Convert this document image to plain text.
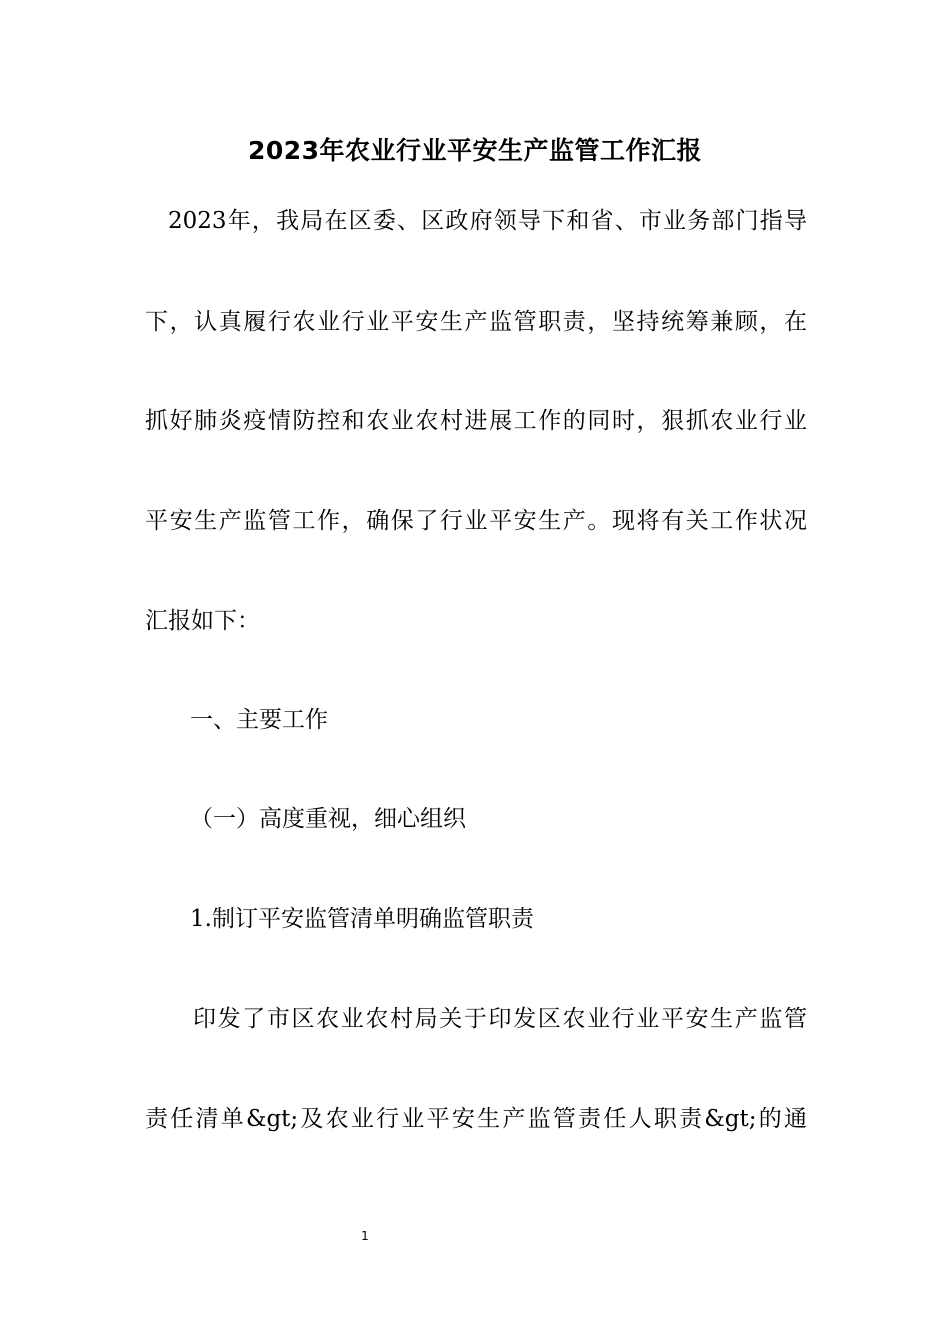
2023年农业行业平安生产监管工作汇报
2023年，我局在区委、区政府领导下和省、市业务部门指导
下，认真履行农业行业平安生产监管职责，坚持统筹兼顾，在
抓好肺炎疫情防控和农业农村进展工作的同时，狠抓农业行业
平安生产监管工作，确保了行业平安生产。现将有关工作状况
汇报如下：
一、主要工作
（一）高度重视，细心组织
1.制订平安监管清单明确监管职责
印发了市区农业农村局关于印发区农业行业平安生产监管
责任清单&gt;及农业行业平安生产监管责任人职责&gt;的通
1
